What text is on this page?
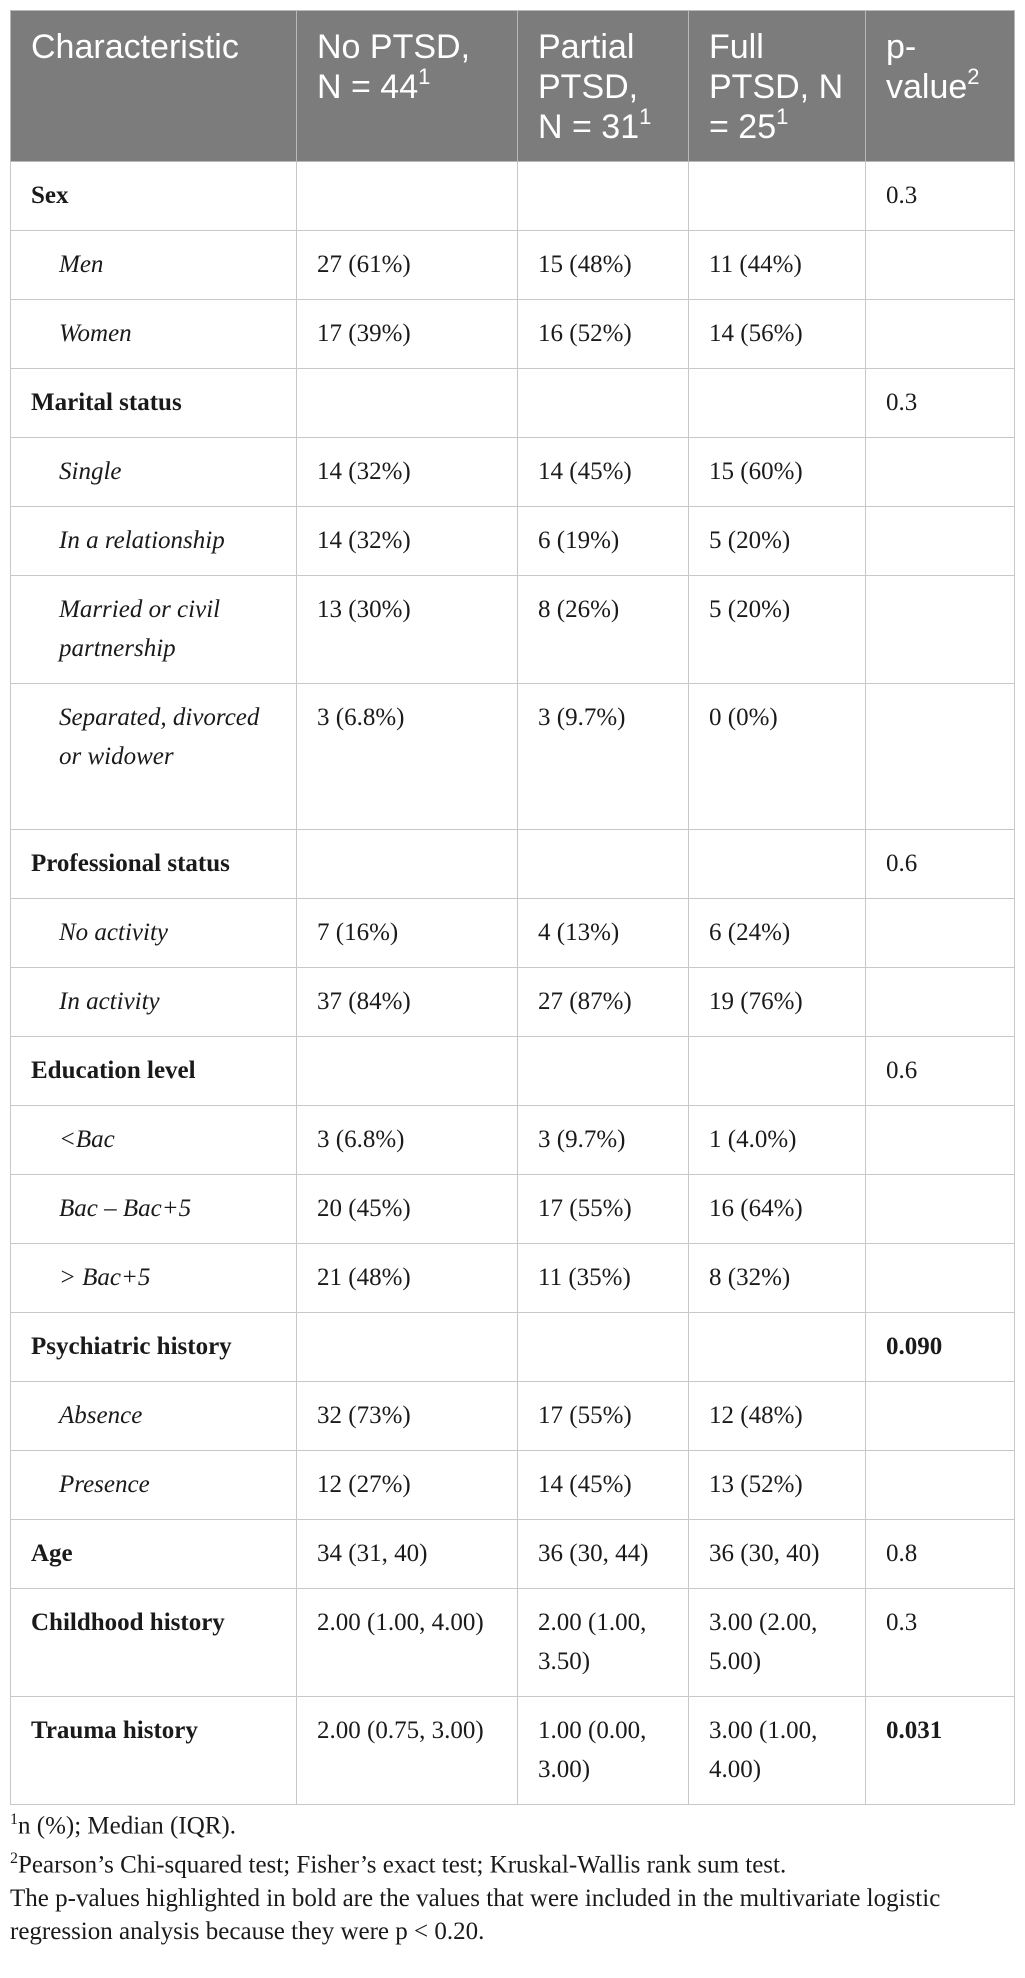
Characteristic	No PTSD, $N = 44^1$	Partial PTSD, $N = 31^1$	Full PTSD, $N = 25^1$	p-value$^2$
Sex				0.3
Men	27 (61%)	15 (48%)	11 (44%)	
Women	17 (39%)	16 (52%)	14 (56%)	
Marital status				0.3
Single	14 (32%)	14 (45%)	15 (60%)	
In a relationship	14 (32%)	6 (19%)	5 (20%)	
Married or civil partnership	13 (30%)	8 (26%)	5 (20%)	
Separated, divorced or widower	3 (6.8%)	3 (9.7%)	0 (0%)	
Professional status				0.6
No activity	7 (16%)	4 (13%)	6 (24%)	
In activity	37 (84%)	27 (87%)	19 (76%)	
Education level				0.6
<Bac	3 (6.8%)	3 (9.7%)	1 (4.0%)	
Bac – Bac+5	20 (45%)	17 (55%)	16 (64%)	
> Bac+5	21 (48%)	11 (35%)	8 (32%)	
Psychiatric history				0.090
Absence	32 (73%)	17 (55%)	12 (48%)	
Presence	12 (27%)	14 (45%)	13 (52%)	
Age	34 (31, 40)	36 (30, 44)	36 (30, 40)	0.8
Childhood history	2.00 (1.00, 4.00)	2.00 (1.00, 3.50)	3.00 (2.00, 5.00)	0.3
Trauma history	2.00 (0.75, 3.00)	1.00 (0.00, 3.00)	3.00 (1.00, 4.00)	0.031

$^1$n (%); Median (IQR).

$^2$Pearson’s Chi-squared test; Fisher’s exact test; Kruskal-Wallis rank sum test.

The p-values highlighted in bold are the values that were included in the multivariate logistic regression analysis because they were p < 0.20.
